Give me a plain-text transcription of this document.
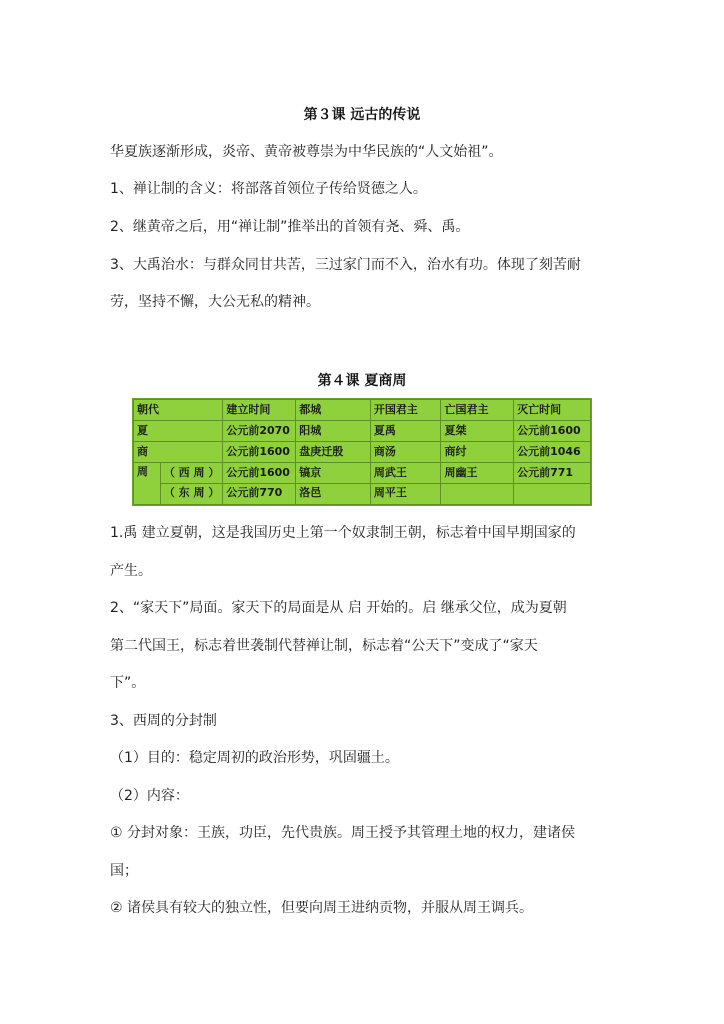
第３课 远古的传说
华夏族逐渐形成，炎帝、黄帝被尊崇为中华民族的“人文始祖”。
1、禅让制的含义：将部落首领位子传给贤德之人。
2、继黄帝之后，用“禅让制”推举出的首领有尧、舜、禹。
3、大禹治水：与群众同甘共苦，三过家门而不入，治水有功。体现了刻苦耐
劳，坚持不懈，大公无私的精神。
第４课 夏商周
朝代		建立时间	都城	开国君主	亡国君主	灭亡时间
夏		公元前2070	阳城	夏禹	夏桀	公元前1600
商		公元前1600	盘庚迁殷	商汤	商纣	公元前1046
周	（ 西 周 ）	公元前1600	镐京	周武王	周幽王	公元前771
	（ 东 周 ）	公元前770	洛邑	周平王		
1.禹 建立夏朝，这是我国历史上第一个奴隶制王朝，标志着中国早期国家的
产生。
2、“家天下”局面。家天下的局面是从 启 开始的。启 继承父位，成为夏朝
第二代国王，标志着世袭制代替禅让制，标志着“公天下”变成了“家天
下”。
3、西周的分封制
（1）目的：稳定周初的政治形势，巩固疆土。
（2）内容：
① 分封对象：王族，功臣，先代贵族。周王授予其管理土地的权力，建诸侯
国；
② 诸侯具有较大的独立性，但要向周王进纳贡物，并服从周王调兵。
